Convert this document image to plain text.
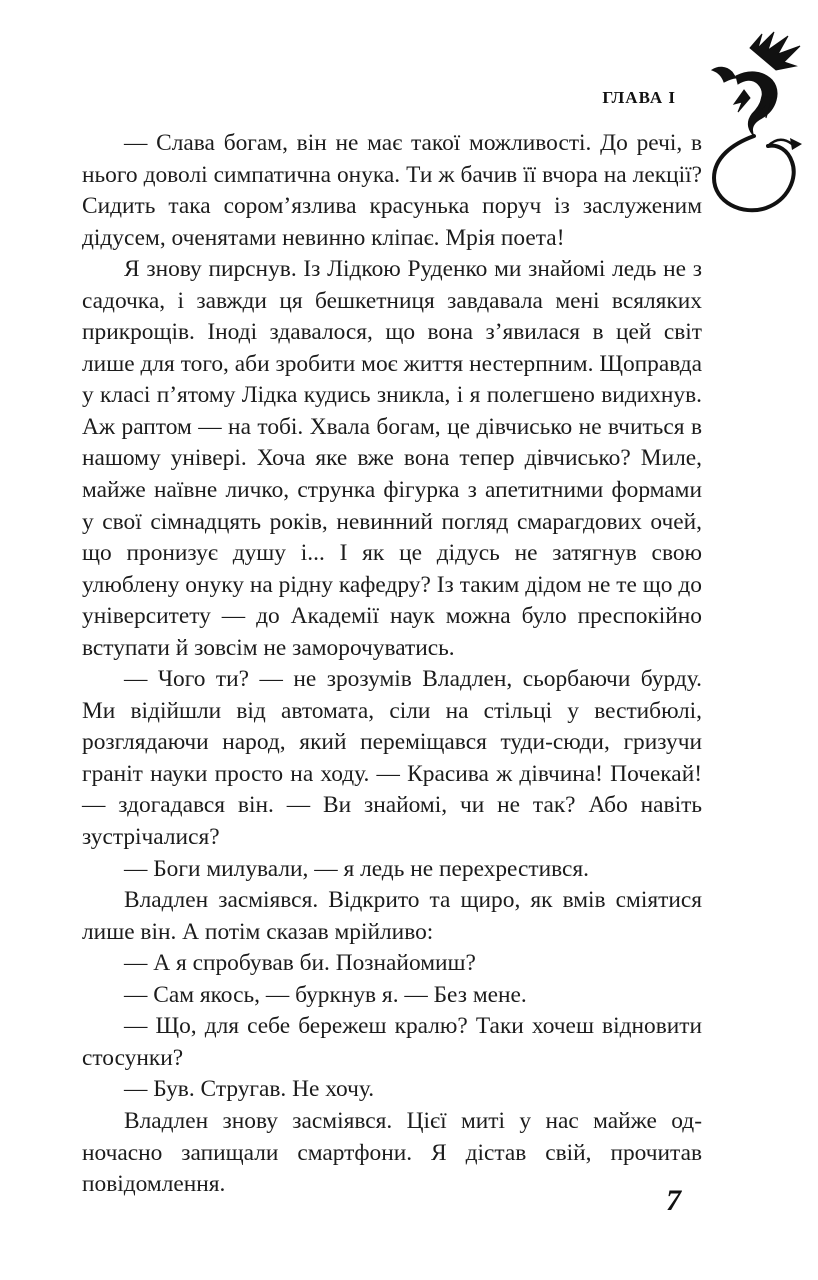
ГЛАВА І

— Слава богам, він не має такої можливості. До речі, в нього доволі симпатична онука. Ти ж бачив її вчора на лекції? Сидить така сором’язлива красунька поруч із заслуженим дідусем, оченятами невинно кліпає. Мрія поета!

Я знову пирснув. Із Лідкою Руденко ми знайомі ледь не з садочка, і завжди ця бешкетниця завдавала мені всяляких прикрощів. Іноді здавалося, що вона з’явилася в цей світ лише для того, аби зробити моє життя нестерпним. Щоправда у класі п’ятому Лідка кудись зникла, і я полегшено видихнув. Аж раптом — на тобі. Хвала богам, це дівчисько не вчиться в нашому універі. Хоча яке вже вона тепер дівчисько? Миле, майже наївне личко, струнка фігурка з апетитними формами у свої сімнадцять років, невинний погляд смарагдових очей, що пронизує душу і... І як це дідусь не затягнув свою улюблену онуку на рідну кафедру? Із таким дідом не те що до університету — до Академії наук можна було преспокійно вступати й зовсім не заморочуватись.

— Чого ти? — не зрозумів Владлен, сьорбаючи бурду. Ми відійшли від автомата, сіли на стільці у вестибюлі, розглядаючи народ, який переміщався туди-сюди, гризучи граніт науки просто на ходу. — Красива ж дівчина! Почекай! — здогадався він. — Ви знайомі, чи не так? Або навіть зустрічалися?

— Боги милували, — я ледь не перехрестився.

Владлен засміявся. Відкрито та щиро, як вмів сміятися лише він. А потім сказав мрійливо:

— А я спробував би. Познайомиш?

— Сам якось, — буркнув я. — Без мене.

— Що, для себе бережеш кралю? Таки хочеш відновити стосунки?

— Був. Стругав. Не хочу.

Владлен знову засміявся. Цієї миті у нас майже одночасно запищали смартфони. Я дістав свій, прочитав повідомлення.	7
